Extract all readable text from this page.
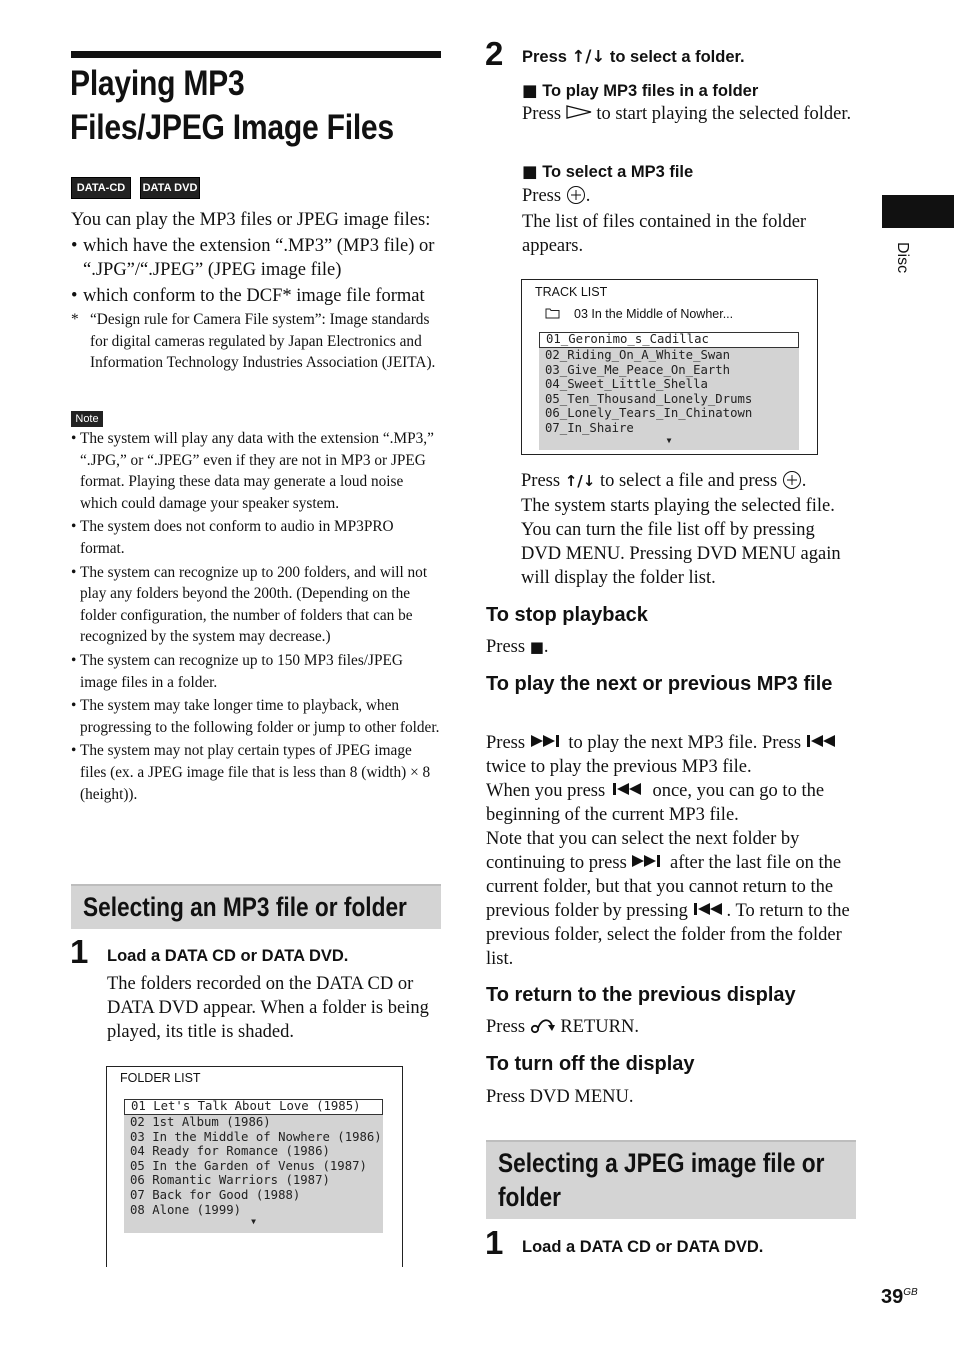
Playing MP3 Files/JPEG Image Files
DATA-CD	DATA DVD
You can play the MP3 files or JPEG image files:
• which have the extension “.MP3” (MP3 file) or “.JPG”/“.JPEG” (JPEG image file)
• which conform to the DCF* image file format
* “Design rule for Camera File system”: Image standards for digital cameras regulated by Japan Electronics and Information Technology Industries Association (JEITA).
Note
• The system will play any data with the extension “.MP3,” “.JPG,” or “.JPEG” even if they are not in MP3 or JPEG format. Playing these data may generate a loud noise which could damage your speaker system.
• The system does not conform to audio in MP3PRO format.
• The system can recognize up to 200 folders, and will not play any folders beyond the 200th. (Depending on the folder configuration, the number of folders that can be recognized by the system may decrease.)
• The system can recognize up to 150 MP3 files/JPEG image files in a folder.
• The system may take longer time to playback, when progressing to the following folder or jump to other folder.
• The system may not play certain types of JPEG image files (ex. a JPEG image file that is less than 8 (width) × 8 (height)).
Selecting an MP3 file or folder
1 Load a DATA CD or DATA DVD.
The folders recorded on the DATA CD or DATA DVD appear. When a folder is being played, its title is shaded.
FOLDER LIST
01 Let's Talk About Love (1985)
02 1st Album (1986)
03 In the Middle of Nowhere (1986)
04 Ready for Romance (1986)
05 In the Garden of Venus (1987)
06 Romantic Warriors (1987)
07 Back for Good (1988)
08 Alone (1999)
▼
2 Press ↑/↓ to select a folder.
■ To play MP3 files in a folder
Press  to start playing the selected folder.
■ To select a MP3 file
Press .
The list of files contained in the folder appears.
TRACK LIST
03 In the Middle of Nowher...
01_Geronimo_s_Cadillac
02_Riding_On_A_White_Swan
03_Give_Me_Peace_On_Earth
04_Sweet_Little_Shella
05_Ten_Thousand_Lonely_Drums
06_Lonely_Tears_In_Chinatown
07_In_Shaire
▼
Press ↑/↓ to select a file and press .
The system starts playing the selected file. You can turn the file list off by pressing DVD MENU. Pressing DVD MENU again will display the folder list.
To stop playback
Press ■.
To play the next or previous MP3 file
Press  to play the next MP3 file. Press  twice to play the previous MP3 file.
When you press  once, you can go to the beginning of the current MP3 file.
Note that you can select the next folder by continuing to press  after the last file on the current folder, but that you cannot return to the previous folder by pressing . To return to the previous folder, select the folder from the folder list.
To return to the previous display
Press  RETURN.
To turn off the display
Press DVD MENU.
Selecting a JPEG image file or folder
1 Load a DATA CD or DATA DVD.
Disc
$39^{GB}$
